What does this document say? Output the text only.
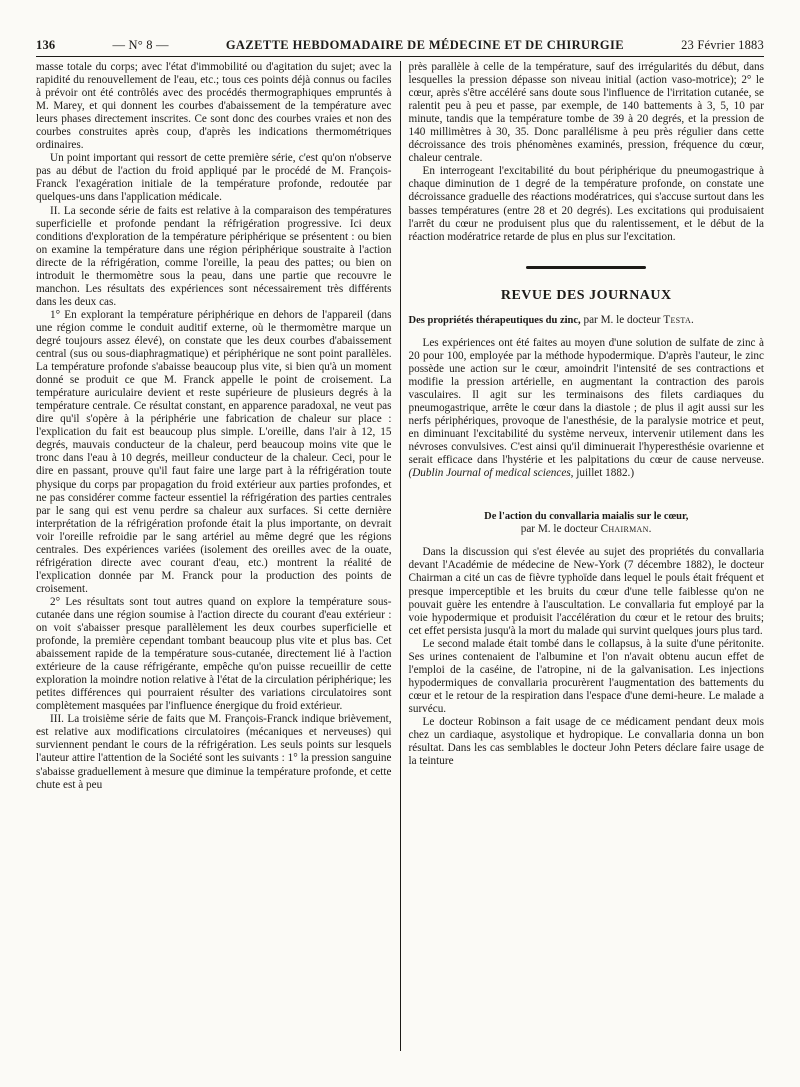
136	— N° 8 —	GAZETTE HEBDOMADAIRE DE MÉDECINE ET DE CHIRURGIE	23 Février 1883

masse totale du corps; avec l'état d'immobilité ou d'agitation du sujet; avec la rapidité du renouvellement de l'eau, etc.; tous ces points déjà connus ou faciles à prévoir ont été contrôlés avec des procédés thermographiques empruntés à M. Marey, et qui donnent les courbes d'abaissement de la température avec leurs phases directement inscrites. Ce sont donc des courbes vraies et non des courbes construites après coup, d'après les indications thermométriques ordinaires.

Un point important qui ressort de cette première série, c'est qu'on n'observe pas au début de l'action du froid appliqué par le procédé de M. François-Franck l'exagération initiale de la température profonde, redoutée par quelques-uns dans l'application médicale.

II. La seconde série de faits est relative à la comparaison des températures superficielle et profonde pendant la réfrigération progressive. Ici deux conditions d'exploration de la température périphérique se présentent : ou bien on examine la température dans une région périphérique soustraite à l'action directe de la réfrigération, comme l'oreille, la peau des pattes; ou bien on introduit le thermomètre sous la peau, dans une partie que recouvre le manchon. Les résultats des expériences sont nécessairement très différents dans les deux cas.

1° En explorant la température périphérique en dehors de l'appareil (dans une région comme le conduit auditif externe, où le thermomètre marque un degré toujours assez élevé), on constate que les deux courbes d'abaissement central (sus ou sous-diaphragmatique) et périphérique ne sont point parallèles. La température profonde s'abaisse beaucoup plus vite, si bien qu'à un moment donné se produit ce que M. Franck appelle le point de croisement. La température auriculaire devient et reste supérieure de plusieurs degrés à la température centrale. Ce résultat constant, en apparence paradoxal, ne veut pas dire qu'il s'opère à la périphérie une fabrication de chaleur sur place : l'explication du fait est beaucoup plus simple. L'oreille, dans l'air à 12, 15 degrés, mauvais conducteur de la chaleur, perd beaucoup moins vite que le tronc dans l'eau à 10 degrés, meilleur conducteur de la chaleur. Ceci, pour le dire en passant, prouve qu'il faut faire une large part à la réfrigération toute physique du corps par propagation du froid extérieur aux parties profondes, et ne pas considérer comme facteur essentiel la réfrigération des parties centrales par le sang qui est venu perdre sa chaleur aux surfaces. Si cette dernière interprétation de la réfrigération profonde était la plus importante, on devrait voir l'oreille refroidie par le sang artériel au même degré que les régions centrales. Des expériences variées (isolement des oreilles avec de la ouate, réfrigération directe avec courant d'eau, etc.) montrent la réalité de l'explication donnée par M. Franck pour la production des points de croisement.

2° Les résultats sont tout autres quand on explore la température sous-cutanée dans une région soumise à l'action directe du courant d'eau extérieur : on voit s'abaisser presque parallèlement les deux courbes superficielle et profonde, la première cependant tombant beaucoup plus vite et plus bas. Cet abaissement rapide de la température sous-cutanée, directement lié à l'action extérieure de la cause réfrigérante, empêche qu'on puisse recueillir de cette exploration la moindre notion relative à l'état de la circulation périphérique; les petites différences qui pourraient résulter des variations circulatoires sont complètement masquées par l'influence énergique du froid extérieur.

III. La troisième série de faits que M. François-Franck indique brièvement, est relative aux modifications circulatoires (mécaniques et nerveuses) qui surviennent pendant le cours de la réfrigération. Les seuls points sur lesquels l'auteur attire l'attention de la Société sont les suivants : 1° la pression sanguine s'abaisse graduellement à mesure que diminue la température profonde, et cette chute est à peu

près parallèle à celle de la température, sauf des irrégularités du début, dans lesquelles la pression dépasse son niveau initial (action vaso-motrice); 2° le cœur, après s'être accéléré sans doute sous l'influence de l'irritation cutanée, se ralentit peu à peu et passe, par exemple, de 140 battements à 3, 5, 10 par minute, tandis que la température tombe de 39 à 20 degrés, et la pression de 140 millimètres à 30, 35. Donc parallélisme à peu près régulier dans cette décroissance des trois phénomènes examinés, pression, fréquence du cœur, chaleur centrale.

En interrogeant l'excitabilité du bout périphérique du pneumogastrique à chaque diminution de 1 degré de la température profonde, on constate une décroissance graduelle des réactions modératrices, qui s'accuse surtout dans les basses températures (entre 28 et 20 degrés). Les excitations qui produisaient l'arrêt du cœur ne produisent plus que du ralentissement, et le début de la réaction modératrice retarde de plus en plus sur l'excitation.

REVUE DES JOURNAUX

Des propriétés thérapeutiques du zinc, par M. le docteur Testa.

Les expériences ont été faites au moyen d'une solution de sulfate de zinc à 20 pour 100, employée par la méthode hypodermique. D'après l'auteur, le zinc possède une action sur le cœur, amoindrit l'intensité de ses contractions et modifie la pression artérielle, en augmentant la contraction des parois vasculaires. Il agit sur les terminaisons des filets cardiaques du pneumogastrique, arrête le cœur dans la diastole ; de plus il agit aussi sur les nerfs périphériques, provoque de l'anesthésie, de la paralysie motrice et peut, en diminuant l'excitabilité du système nerveux, intervenir utilement dans les névroses convulsives. C'est ainsi qu'il diminuerait l'hyperesthésie ovarienne et serait efficace dans l'hystérie et les palpitations du cœur de cause nerveuse. (Dublin Journal of medical sciences, juillet 1882.)

De l'action du convallaria maialis sur le cœur,
par M. le docteur Chairman.

Dans la discussion qui s'est élevée au sujet des propriétés du convallaria devant l'Académie de médecine de New-York (7 décembre 1882), le docteur Chairman a cité un cas de fièvre typhoïde dans lequel le pouls était fréquent et presque imperceptible et les bruits du cœur d'une telle faiblesse qu'on ne pouvait guère les entendre à l'auscultation. Le convallaria fut employé par la voie hypodermique et produisit l'accélération du cœur et le retour des bruits; cet effet persista jusqu'à la mort du malade qui survint quelques jours plus tard.

Le second malade était tombé dans le collapsus, à la suite d'une péritonite. Ses urines contenaient de l'albumine et l'on n'avait obtenu aucun effet de l'emploi de la caséine, de l'atropine, ni de la galvanisation. Les injections hypodermiques de convallaria procurèrent l'augmentation des battements du cœur et le retour de la respiration dans l'espace d'une demi-heure. Le malade a survécu.

Le docteur Robinson a fait usage de ce médicament pendant deux mois chez un cardiaque, asystolique et hydropique. Le convallaria donna un bon résultat. Dans les cas semblables le docteur John Peters déclare faire usage de la teinture
